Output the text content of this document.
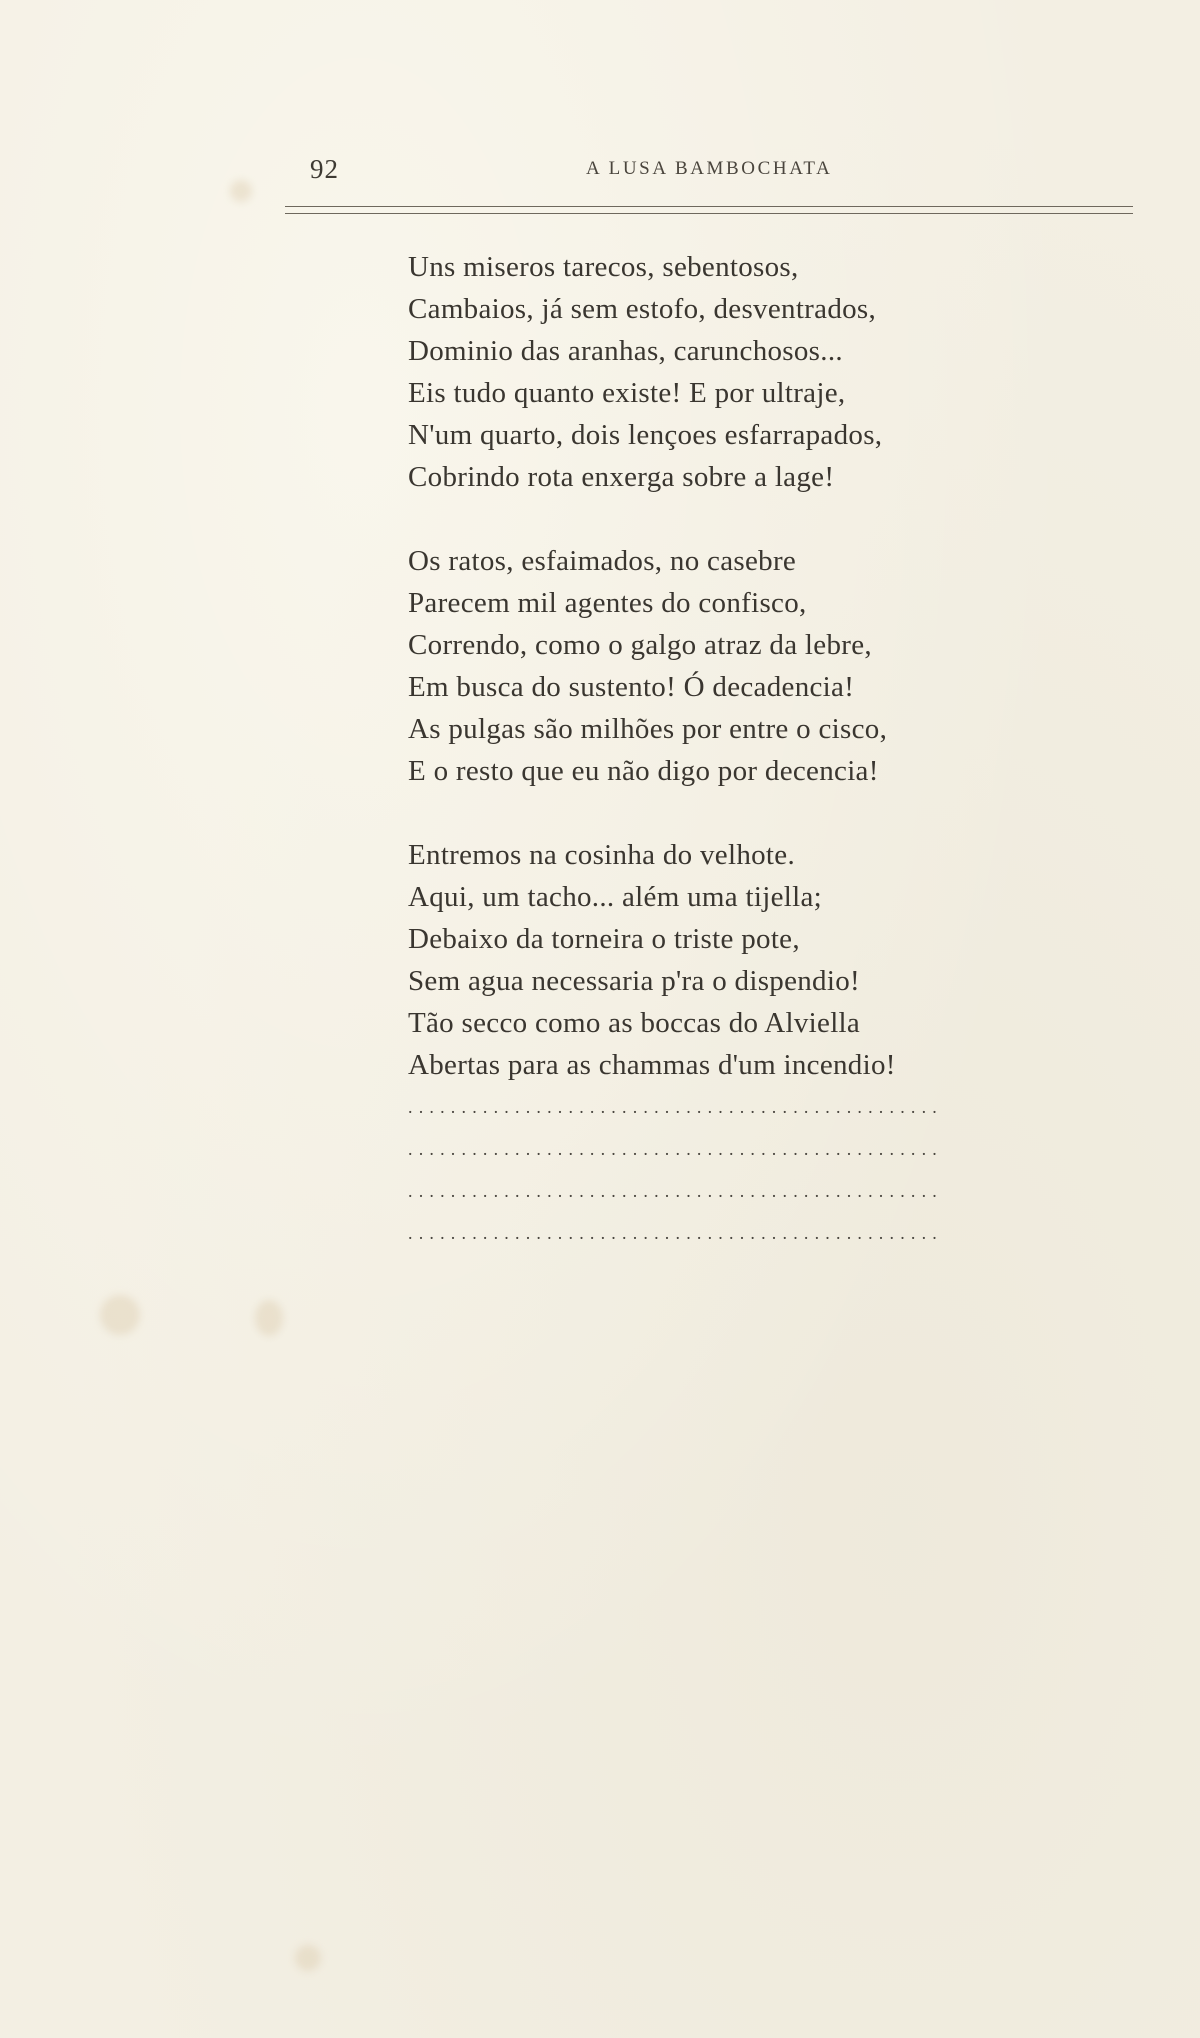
92	A LUSA BAMBOCHATA
Uns miseros tarecos, sebentosos,
Cambaios, já sem estofo, desventrados,
Dominio das aranhas, carunchosos...
Eis tudo quanto existe! E por ultraje,
N'um quarto, dois lençoes esfarrapados,
Cobrindo rota enxerga sobre a lage!
Os ratos, esfaimados, no casebre
Parecem mil agentes do confisco,
Correndo, como o galgo atraz da lebre,
Em busca do sustento! Ó decadencia!
As pulgas são milhões por entre o cisco,
E o resto que eu não digo por decencia!
Entremos na cosinha do velhote.
Aqui, um tacho... além uma tijella;
Debaixo da torneira o triste pote,
Sem agua necessaria p'ra o dispendio!
Tão secco como as boccas do Alviella
Abertas para as chammas d'um incendio!
..................................................
..................................................
..................................................
..................................................
